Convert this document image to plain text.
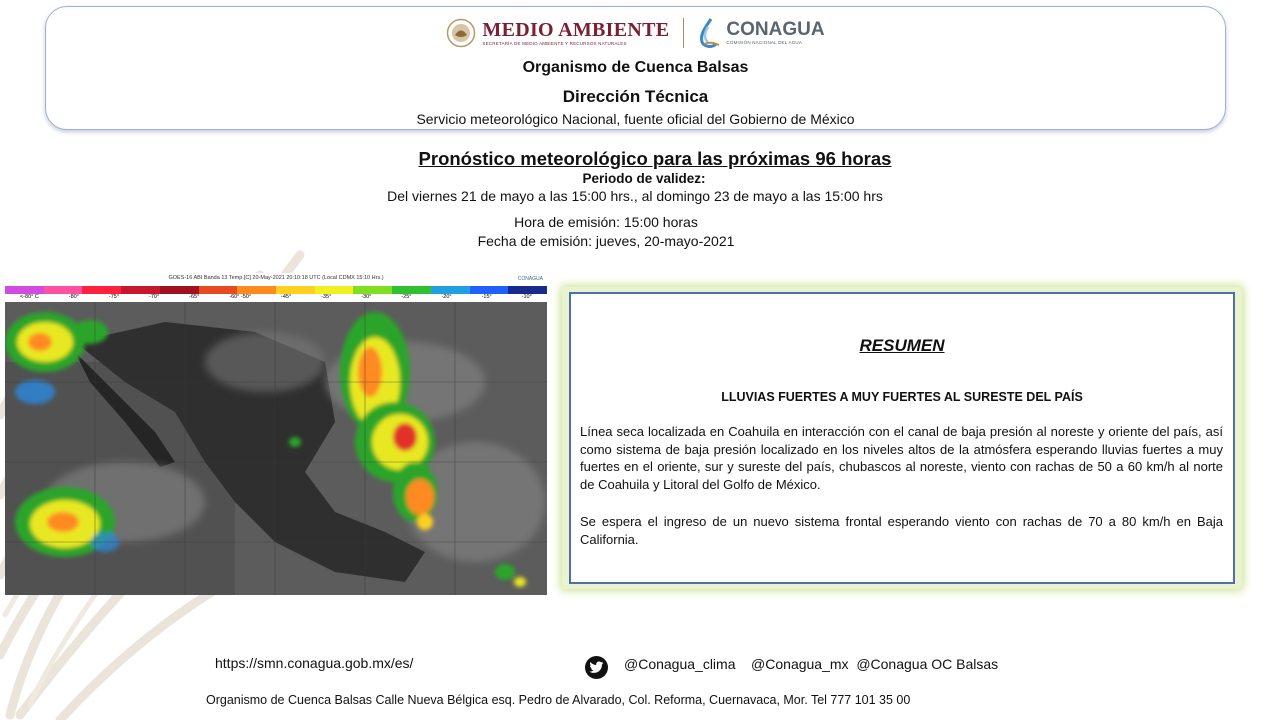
MEDIO AMBIENTE
SECRETARÍA DE MEDIO AMBIENTE Y RECURSOS NATURALES
CONAGUA
COMISIÓN NACIONAL DEL AGUA
Organismo de Cuenca Balsas
Dirección Técnica
Servicio meteorológico Nacional, fuente oficial del Gobierno de México
Pronóstico meteorológico para las próximas 96 horas
Periodo de validez:
Del viernes 21 de mayo a las 15:00 hrs., al domingo 23 de mayo a las 15:00 hrs
Hora de emisión: 15:00 horas
Fecha de emisión: jueves, 20-mayo-2021
GOES-16 ABI Banda 13 Temp.[C] 20-May-2021 20:10:18 UTC (Local CDMX 15:10 Hrs.)	CONAGUA
<-80° C	-80°	-75°	-70°	-65°	-60° -50°	-45°	-35°	-30°	-25°	-20°	-15°	-10°
RESUMEN
LLUVIAS FUERTES A MUY FUERTES AL SURESTE DEL PAÍS
Línea seca localizada en Coahuila en interacción con el canal de baja presión al noreste y oriente del país, así como sistema de baja presión localizado en los niveles altos de la atmósfera esperando lluvias fuertes a muy fuertes en el oriente, sur y sureste del país, chubascos al noreste, viento con rachas de 50 a 60 km/h al norte de Coahuila y Litoral del Golfo de México.
Se espera el ingreso de un nuevo sistema frontal esperando viento con rachas de 70 a 80 km/h en Baja California.
https://smn.conagua.gob.mx/es/	@Conagua_clima    @Conagua_mx  @Conagua OC Balsas
Organismo de Cuenca Balsas Calle Nueva Bélgica esq. Pedro de Alvarado, Col. Reforma, Cuernavaca, Mor. Tel 777 101 35 00
